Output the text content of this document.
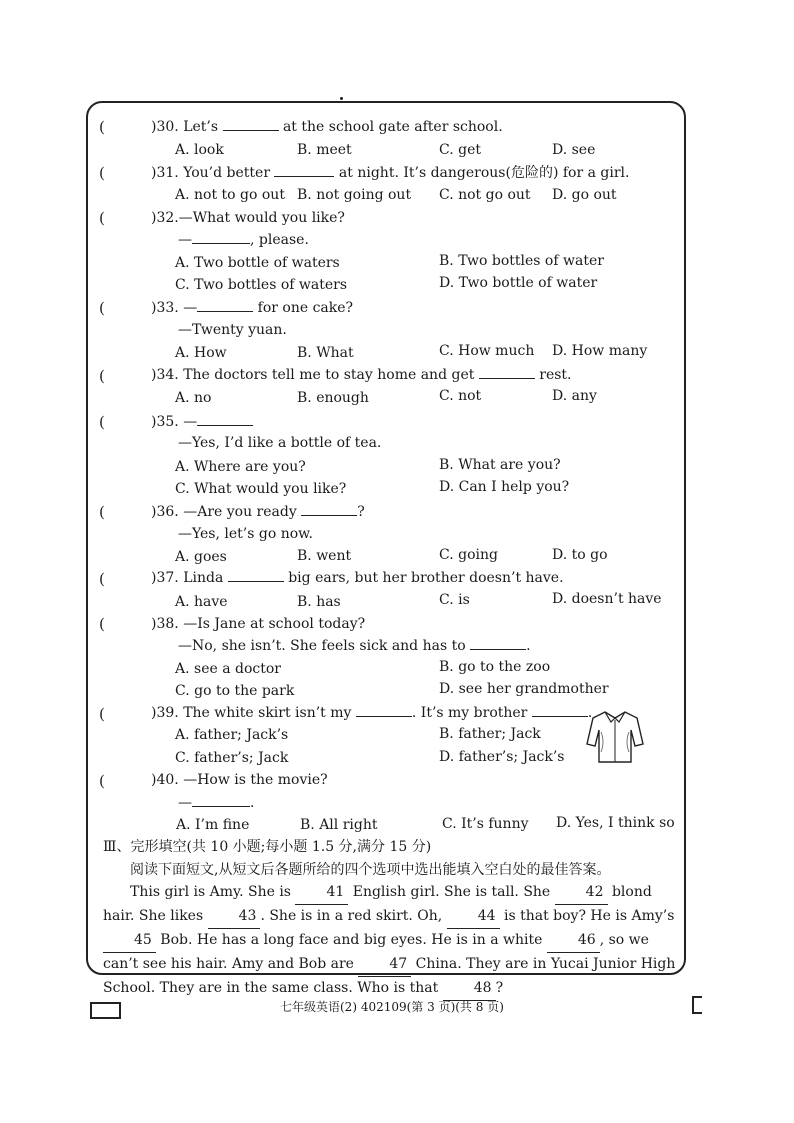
(	)30. Let’s	at the school gate after school.
A. look	B. meet	C. get	D. see
(	)31. You’d better	at night. It’s dangerous(危险的) for a girl.
A. not to go out B. not going out C. not go out D. go out
(	)32.—What would you like?
—	, please.
A. Two bottle of waters	B. Two bottles of water
C. Two bottles of waters	D. Two bottle of water
(	)33. —	for one cake?
—Twenty yuan.
A. How	B. What	C. How much D. How many
(	)34. The doctors tell me to stay home and get	rest.
A. no	B. enough	C. not	D. any
(	)35. —
—Yes, I’d like a bottle of tea.
A. Where are you?	B. What are you?
C. What would you like?	D. Can I help you?
(	)36. —Are you ready	?
—Yes, let’s go now.
A. goes	B. went	C. going	D. to go
(	)37. Linda	big ears, but her brother doesn’t have.
A. have	B. has	C. is	D. doesn’t have
(	)38. —Is Jane at school today?
—No, she isn’t. She feels sick and has to	.
A. see a doctor	B. go to the zoo
C. go to the park	D. see her grandmother
(	)39. The white skirt isn’t my	. It’s my brother	.
A. father; Jack’s	B. father; Jack
C. father’s; Jack	D. father’s; Jack’s
(	)40. —How is the movie?
—	.
A. I’m fine	B. All right	C. It’s funny D. Yes, I think so
Ⅲ、完形填空(共 10 小题;每小题 1.5 分,满分 15 分)
阅读下面短文,从短文后各题所给的四个选项中选出能填入空白处的最佳答案。
This girl is Amy. She is	41 English girl. She is tall. She	42 blond hair. She likes	43 . She is in a red skirt. Oh,	44 is that boy? He is Amy’s 45 Bob. He has a long face and big eyes. He is in a white	46 , so we can’t see his hair. Amy and Bob are	47 China. They are in Yucai Junior High School. They are in the same class. Who is that	48 ?
七年级英语(2) 402109(第 3 页)(共 8 页)
